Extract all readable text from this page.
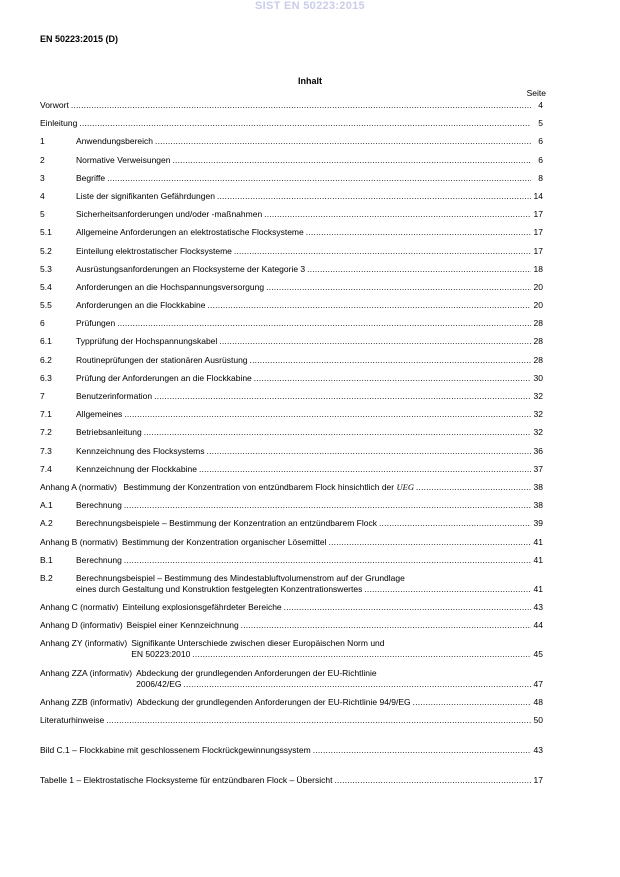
SIST EN 50223:2015
EN 50223:2015 (D)
Inhalt
Seite
Vorwort .....	4
Einleitung .....	5
1	Anwendungsbereich .....	6
2	Normative Verweisungen .....	6
3	Begriffe .....	8
4	Liste der signifikanten Gefährdungen .....	14
5	Sicherheitsanforderungen und/oder -maßnahmen .....	17
5.1	Allgemeine Anforderungen an elektrostatische Flocksysteme .....	17
5.2	Einteilung elektrostatischer Flocksysteme .....	17
5.3	Ausrüstungsanforderungen an Flocksysteme der Kategorie 3 .....	18
5.4	Anforderungen an die Hochspannungsversorgung .....	20
5.5	Anforderungen an die Flockkabine .....	20
6	Prüfungen .....	28
6.1	Typprüfung der Hochspannungskabel .....	28
6.2	Routineprüfungen der stationären Ausrüstung .....	28
6.3	Prüfung der Anforderungen an die Flockkabine .....	30
7	Benutzerinformation .....	32
7.1	Allgemeines .....	32
7.2	Betriebsanleitung .....	32
7.3	Kennzeichnung des Flocksystems .....	36
7.4	Kennzeichnung der Flockkabine .....	37
Anhang A (normativ) Bestimmung der Konzentration von entzündbarem Flock hinsichtlich der UEG .....	38
A.1	Berechnung .....	38
A.2	Berechnungsbeispiele – Bestimmung der Konzentration an entzündbarem Flock .....	39
Anhang B (normativ) Bestimmung der Konzentration organischer Lösemittel .....	41
B.1	Berechnung .....	41
B.2	Berechnungsbeispiel – Bestimmung des Mindestabluftvolumenstrom auf der Grundlage
eines durch Gestaltung und Konstruktion festgelegten Konzentrationswertes .....	41
Anhang C (normativ) Einteilung explosionsgefährdeter Bereiche .....	43
Anhang D (informativ) Beispiel einer Kennzeichnung .....	44
Anhang ZY (informativ) Signifikante Unterschiede zwischen dieser Europäischen Norm und
EN 50223:2010 .....	45
Anhang ZZA (informativ) Abdeckung der grundlegenden Anforderungen der EU-Richtlinie
2006/42/EG .....	47
Anhang ZZB (informativ) Abdeckung der grundlegenden Anforderungen der EU-Richtlinie 94/9/EG .....	48
Literaturhinweise .....	50
Bild C.1 – Flockkabine mit geschlossenem Flockrückgewinnungssystem .....	43
Tabelle 1 – Elektrostatische Flocksysteme für entzündbaren Flock – Übersicht .....	17
